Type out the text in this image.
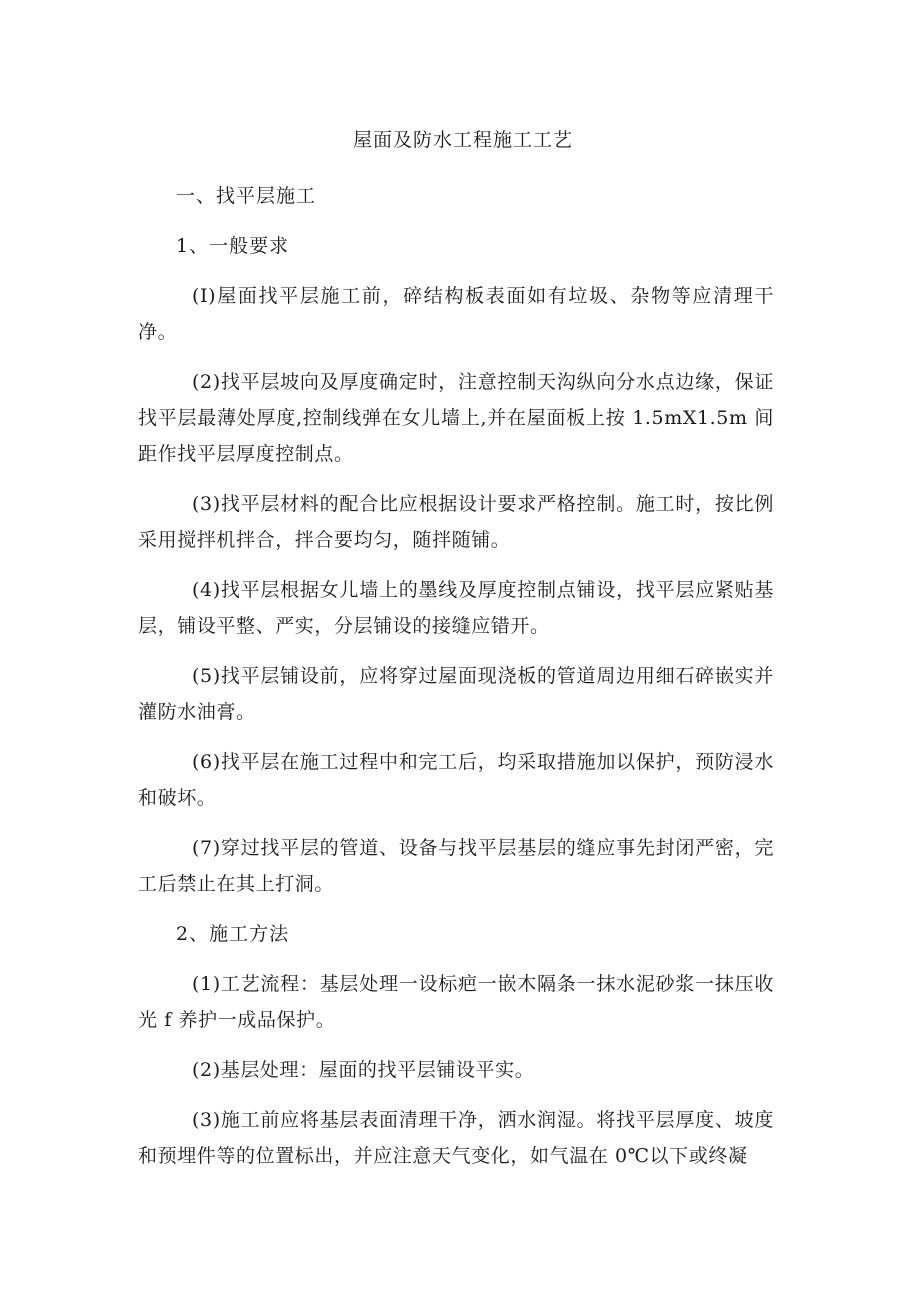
屋面及防水工程施工工艺
一、找平层施工
1、一般要求

(I)屋面找平层施工前，碎结构板表面如有垃圾、杂物等应清理干净。

(2)找平层坡向及厚度确定时，注意控制天沟纵向分水点边缘，保证找平层最薄处厚度,控制线弹在女儿墙上,并在屋面板上按 1.5mX1.5m 间距作找平层厚度控制点。

(3)找平层材料的配合比应根据设计要求严格控制。施工时，按比例采用搅拌机拌合，拌合要均匀，随拌随铺。

(4)找平层根据女儿墙上的墨线及厚度控制点铺设，找平层应紧贴基层，铺设平整、严实，分层铺设的接缝应错开。

(5)找平层铺设前，应将穿过屋面现浇板的管道周边用细石碎嵌实并灌防水油膏。

(6)找平层在施工过程中和完工后，均采取措施加以保护，预防浸水和破坏。

(7)穿过找平层的管道、设备与找平层基层的缝应事先封闭严密，完工后禁止在其上打洞。

2、施工方法

(1)工艺流程：基层处理一设标疤一嵌木隔条一抹水泥砂浆一抹压收光 f 养护一成品保护。

(2)基层处理：屋面的找平层铺设平实。

(3)施工前应将基层表面清理干净，洒水润湿。将找平层厚度、坡度和预埋件等的位置标出，并应注意天气变化，如气温在 0℃以下或终凝
